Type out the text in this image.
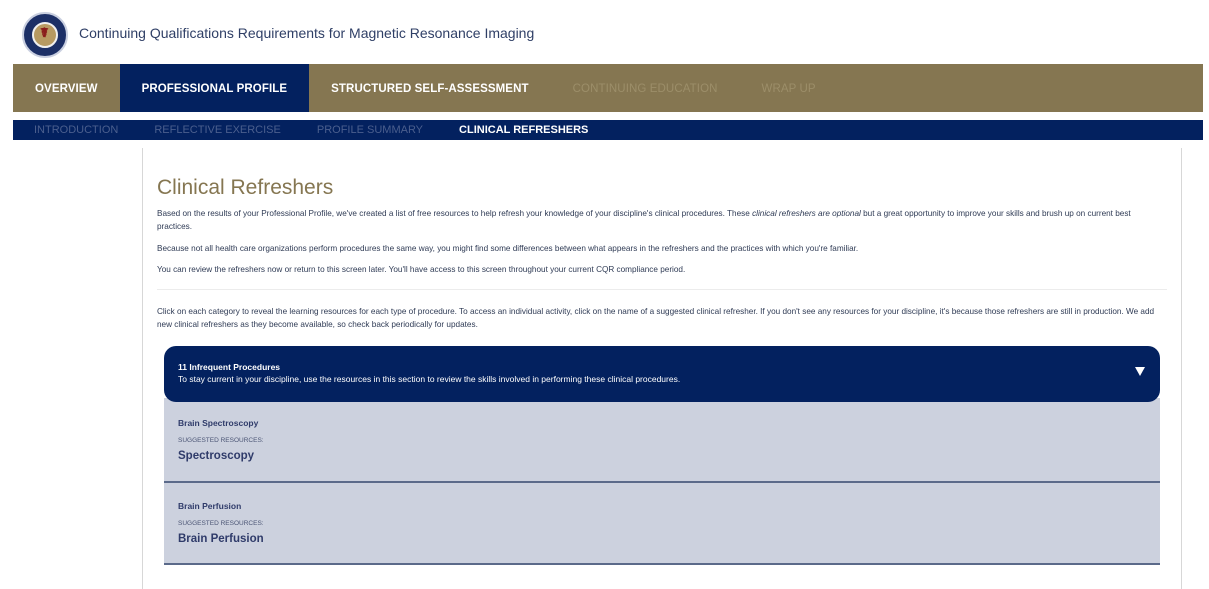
☤ Continuing Qualifications Requirements for Magnetic Resonance Imaging
OVERVIEW	PROFESSIONAL PROFILE	STRUCTURED SELF-ASSESSMENT	CONTINUING EDUCATION	WRAP UP
INTRODUCTION	REFLECTIVE EXERCISE	PROFILE SUMMARY	CLINICAL REFRESHERS
Clinical Refreshers

Based on the results of your Professional Profile, we've created a list of free resources to help refresh your knowledge of your discipline's clinical procedures. These clinical refreshers are optional but a great opportunity to improve your skills and brush up on current best practices.

Because not all health care organizations perform procedures the same way, you might find some differences between what appears in the refreshers and the practices with which you're familiar.

You can review the refreshers now or return to this screen later. You'll have access to this screen throughout your current CQR compliance period.

Click on each category to reveal the learning resources for each type of procedure. To access an individual activity, click on the name of a suggested clinical refresher. If you don't see any resources for your discipline, it's because those refreshers are still in production. We add new clinical refreshers as they become available, so check back periodically for updates.

11 Infrequent Procedures
To stay current in your discipline, use the resources in this section to review the skills involved in performing these clinical procedures.
Brain Spectroscopy
SUGGESTED RESOURCES:
Spectroscopy
Brain Perfusion
SUGGESTED RESOURCES:
Brain Perfusion
